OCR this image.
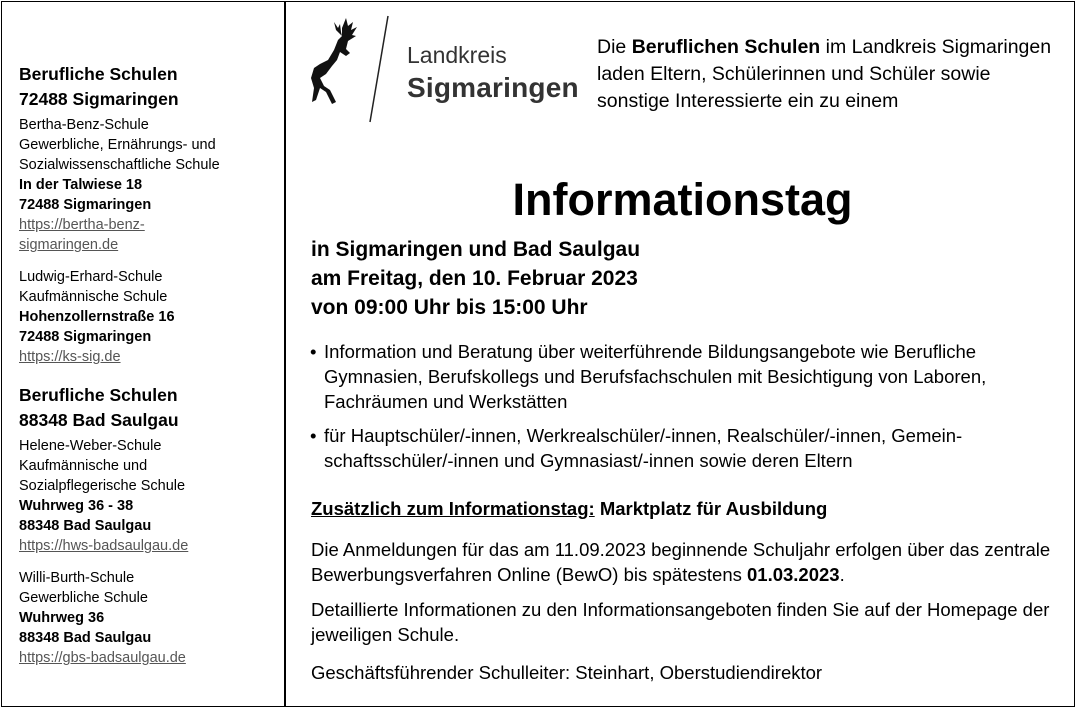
Berufliche Schulen
72488 Sigmaringen
Bertha-Benz-Schule
Gewerbliche, Ernährungs- und
Sozialwissenschaftliche Schule
In der Talwiese 18
72488 Sigmaringen
https://bertha-benz-
sigmaringen.de
Ludwig-Erhard-Schule
Kaufmännische Schule
Hohenzollernstraße 16
72488 Sigmaringen
https://ks-sig.de
Berufliche Schulen
88348 Bad Saulgau
Helene-Weber-Schule
Kaufmännische und
Sozialpflegerische Schule
Wuhrweg 36 - 38
88348 Bad Saulgau
https://hws-badsaulgau.de
Willi-Burth-Schule
Gewerbliche Schule
Wuhrweg 36
88348 Bad Saulgau
https://gbs-badsaulgau.de
Landkreis
Sigmaringen
Die Beruflichen Schulen im Landkreis Sigmaringen laden Eltern, Schülerinnen und Schüler sowie sonstige Interessierte ein zu einem
Informationstag
in Sigmaringen und Bad Saulgau
am Freitag, den 10. Februar 2023
von 09:00 Uhr bis 15:00 Uhr
• Information und Beratung über weiterführende Bildungsangebote wie Berufliche Gymnasien, Berufskollegs und Berufsfachschulen mit Besichtigung von Laboren, Fachräumen und Werkstätten
• für Hauptschüler/-innen, Werkrealschüler/-innen, Realschüler/-innen, Gemein-schaftsschüler/-innen und Gymnasiast/-innen sowie deren Eltern
Zusätzlich zum Informationstag: Marktplatz für Ausbildung
Die Anmeldungen für das am 11.09.2023 beginnende Schuljahr erfolgen über das zentrale Bewerbungsverfahren Online (BewO) bis spätestens 01.03.2023.
Detaillierte Informationen zu den Informationsangeboten finden Sie auf der Homepage der jeweiligen Schule.
Geschäftsführender Schulleiter: Steinhart, Oberstudiendirektor
